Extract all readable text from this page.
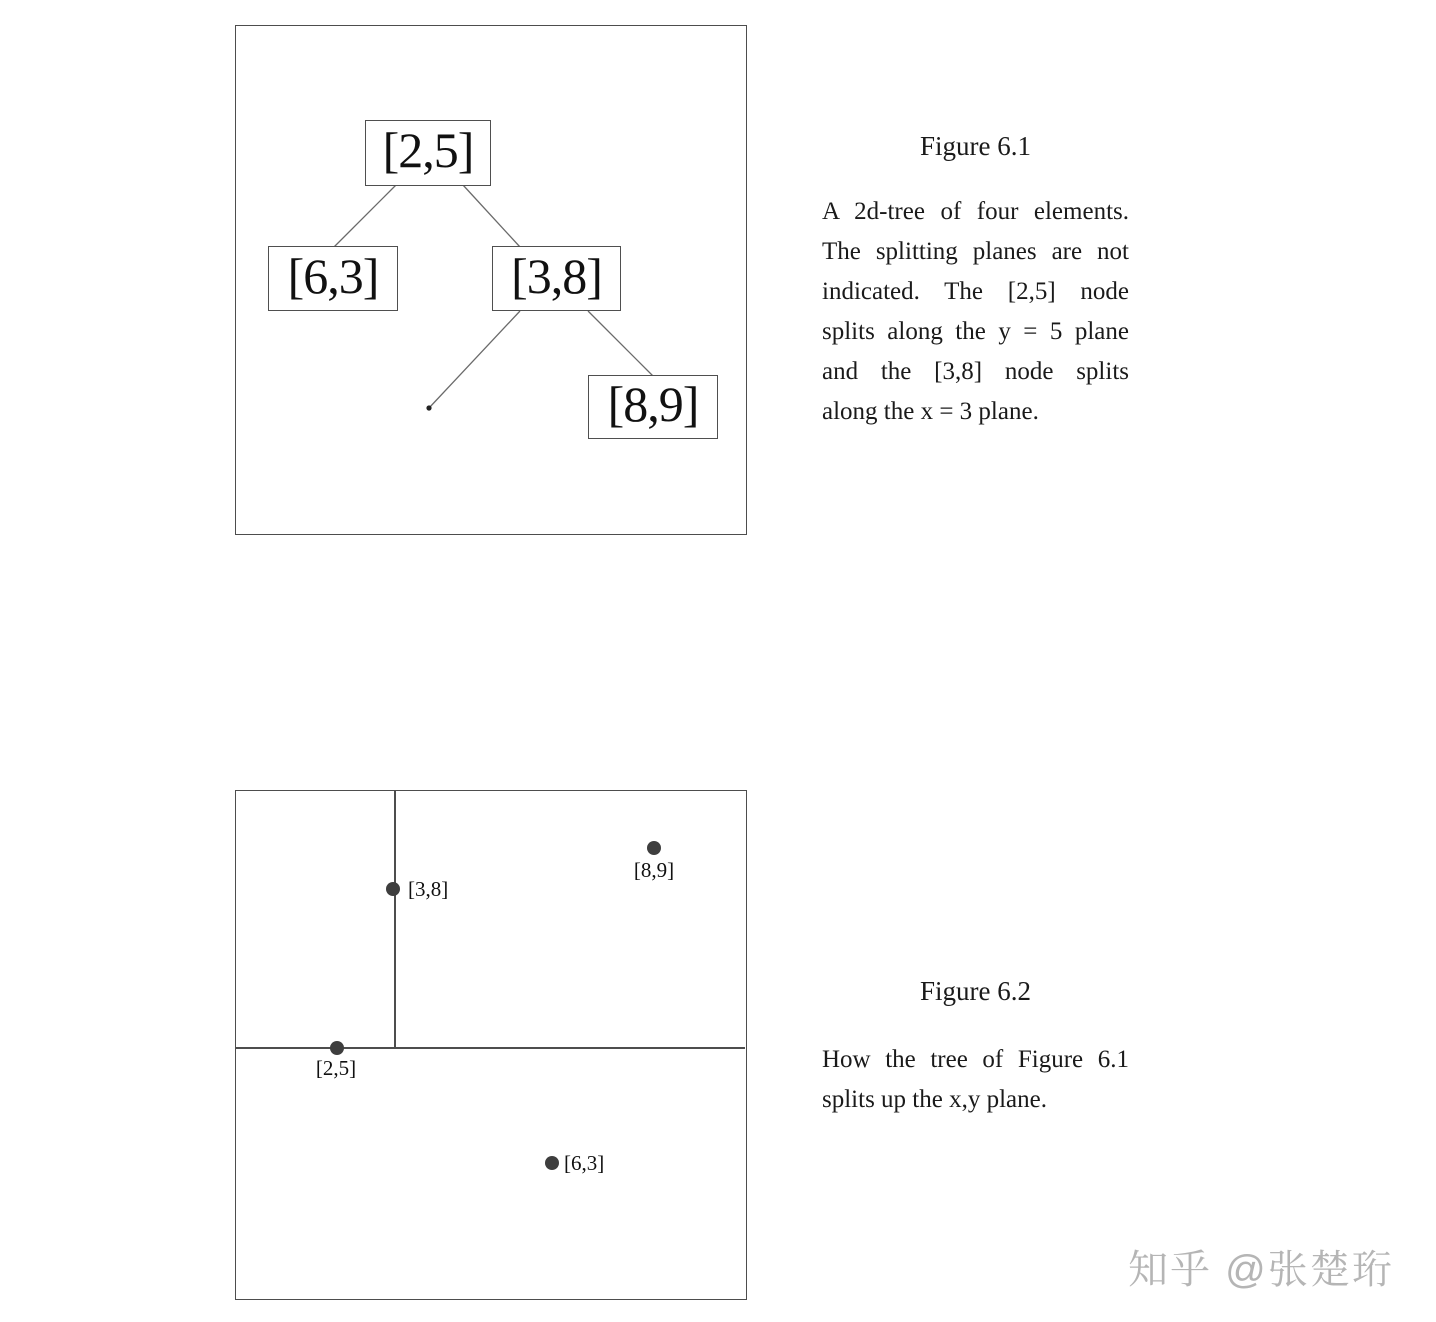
[2,5]
[6,3]	[3,8]
[8,9]
Figure 6.1
A 2d-tree of four elements.
The splitting planes are not
indicated. The [2,5] node
splits along the y = 5 plane
and the [3,8] node splits
along the x = 3 plane.
[8,9]
[3,8]
[2,5]
[6,3]
Figure 6.2
How the tree of Figure 6.1
splits up the x,y plane.
知乎 @张楚珩
